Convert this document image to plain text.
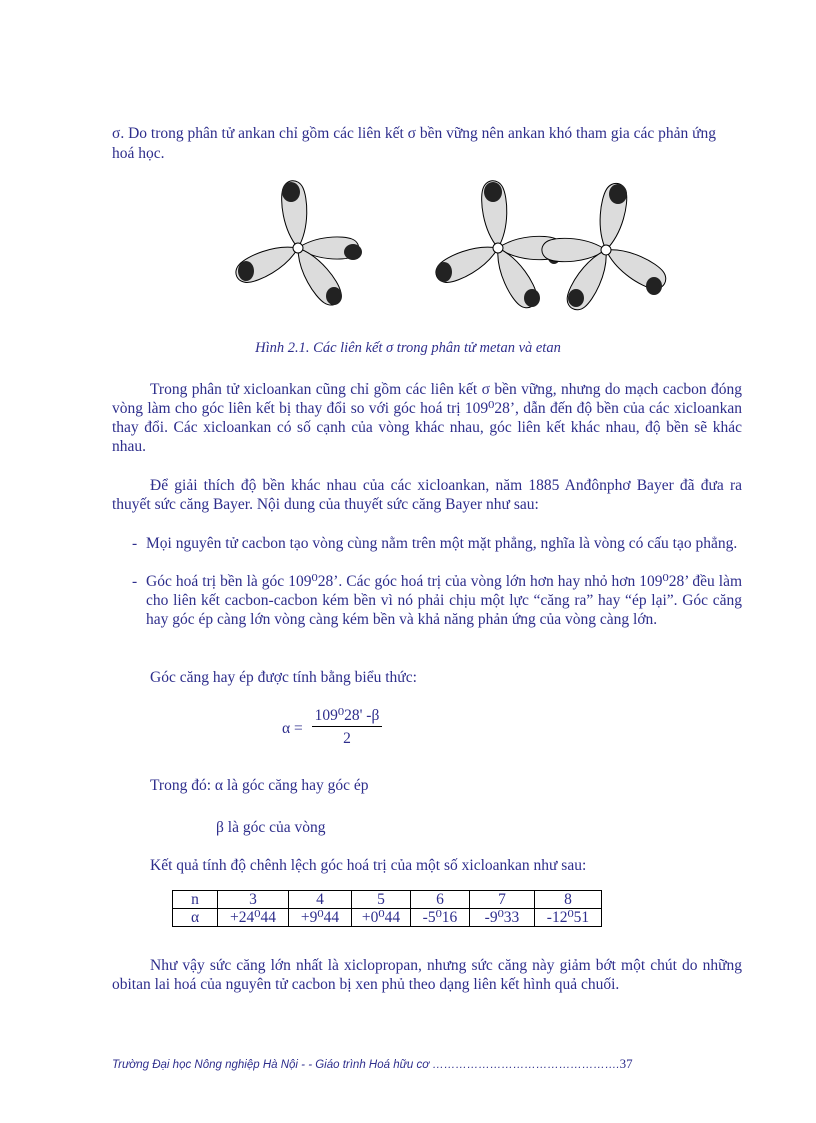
σ. Do trong phân tử ankan chỉ gồm các liên kết σ bền vững nên ankan khó tham gia các phản ứng

hoá học.

Hình 2.1. Các liên kết σ trong phân tử metan và etan

Trong phân tử xicloankan cũng chỉ gồm các liên kết σ bền vững, nhưng do mạch cacbon đóng vòng làm cho góc liên kết bị thay đổi so với góc hoá trị 109⁰28’, dẫn đến độ bền của các xicloankan thay đổi. Các xicloankan có số cạnh của vòng khác nhau, góc liên kết khác nhau, độ bền sẽ khác nhau.

Để giải thích độ bền khác nhau của các xicloankan, năm 1885 Anđônphơ Bayer đã đưa ra thuyết sức căng Bayer. Nội dung của thuyết sức căng Bayer như sau:

- Mọi nguyên tử cacbon tạo vòng cùng nằm trên một mặt phẳng, nghĩa là vòng có cấu tạo phẳng.

- Góc hoá trị bền là góc 109⁰28’. Các góc hoá trị của vòng lớn hơn hay nhỏ hơn 109⁰28’ đều làm cho liên kết cacbon-cacbon kém bền vì nó phải chịu một lực “căng ra” hay “ép lại”. Góc căng hay góc ép càng lớn vòng càng kém bền và khả năng phản ứng của vòng càng lớn.

Góc căng hay ép được tính bằng biểu thức:

α =
109⁰28' -β
2

Trong đó: α là góc căng hay góc ép

β là góc của vòng

Kết quả tính độ chênh lệch góc hoá trị của một số xicloankan như sau:

n	3	4	5	6	7	8
α	+24⁰44	+9⁰44	+0⁰44	-5⁰16	-9⁰33	-12⁰51

Như vậy sức căng lớn nhất là xiclopropan, nhưng sức căng này giảm bớt một chút do những obitan lai hoá của nguyên tử cacbon bị xen phủ theo dạng liên kết hình quả chuối.

Trường Đại học Nông nghiệp Hà Nội - - Giáo trình Hoá hữu cơ ………………………………………….37
